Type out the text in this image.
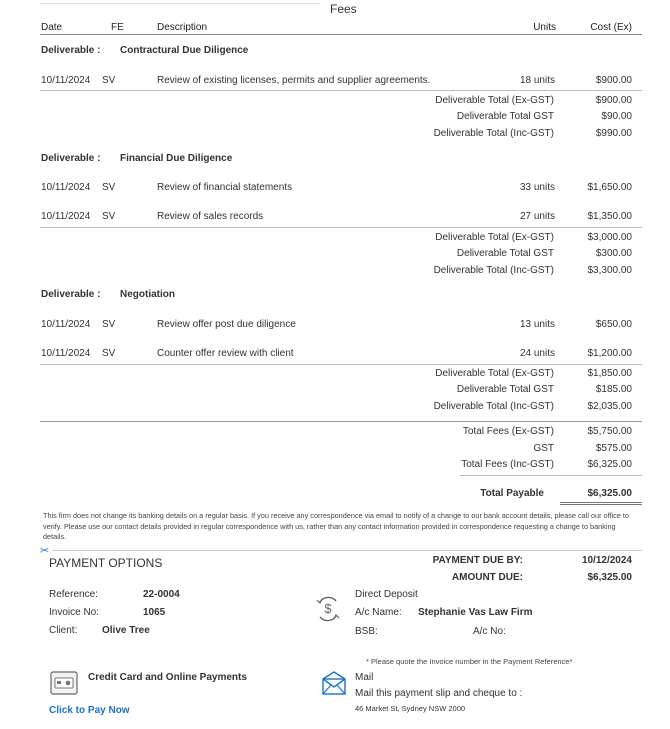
Fees
Date	FE	Description	Units	Cost (Ex)
Deliverable : Contractural Due Diligence
10/11/2024 SV	Review of existing licenses, permits and supplier agreements.	18 units	$900.00
Deliverable Total (Ex-GST)	$900.00
Deliverable Total GST	$90.00
Deliverable Total (Inc-GST)	$990.00
Deliverable : Financial Due Diligence
10/11/2024 SV	Review of financial statements	33 units	$1,650.00
10/11/2024 SV	Review of sales records	27 units	$1,350.00
Deliverable Total (Ex-GST)	$3,000.00
Deliverable Total GST	$300.00
Deliverable Total (Inc-GST)	$3,300.00
Deliverable : Negotiation
10/11/2024 SV	Review offer post due diligence	13 units	$650.00
10/11/2024 SV	Counter offer review with client	24 units	$1,200.00
Deliverable Total (Ex-GST)	$1,850.00
Deliverable Total GST	$185.00
Deliverable Total (Inc-GST)	$2,035.00
Total Fees (Ex-GST)	$5,750.00
GST	$575.00
Total Fees (Inc-GST)	$6,325.00
Total Payable	$6,325.00
This firm does not change its banking details on a regular basis. If you receive any correspondence via email to notify of a change to our bank account details, please call our office to verify. Please use our contact details provided in regular correspondence with us, rather than any contact information provided in correspondence requesting a change to banking details.
✂
PAYMENT OPTIONS	PAYMENT DUE BY:	10/12/2024
AMOUNT DUE:	$6,325.00
Reference:	22-0004
Invoice No:	1065
Client: Olive Tree
$
Direct Deposit
A/c Name: Stephanie Vas Law Firm
BSB:	A/c No:
* Please quote the Invoice number in the Payment Reference*
Credit Card and Online Payments
Click to Pay Now
Mail
Mail this payment slip and cheque to :
46 Market St, Sydney NSW 2000
